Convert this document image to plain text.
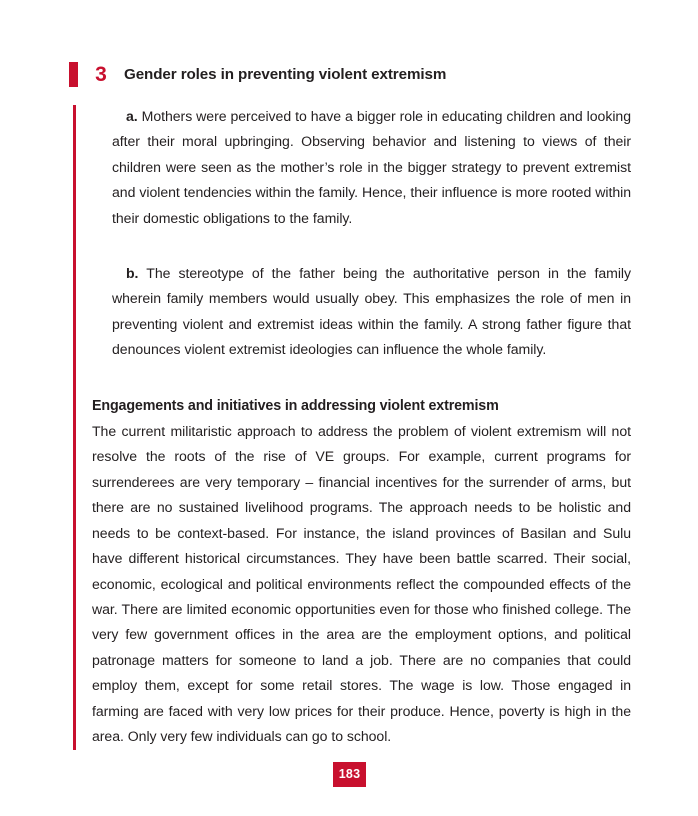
3	Gender roles in preventing violent extremism

a. Mothers were perceived to have a bigger role in educating children and looking after their moral upbringing. Observing behavior and listening to views of their children were seen as the mother’s role in the bigger strategy to prevent extremist and violent tendencies within the family. Hence, their influence is more rooted within their domestic obligations to the family.

b. The stereotype of the father being the authoritative person in the family wherein family members would usually obey. This emphasizes the role of men in preventing violent and extremist ideas within the family. A strong father figure that denounces violent extremist ideologies can influence the whole family.

Engagements and initiatives in addressing violent extremism

The current militaristic approach to address the problem of violent extremism will not resolve the roots of the rise of VE groups. For example, current programs for surrenderees are very temporary – financial incentives for the surrender of arms, but there are no sustained livelihood programs. The approach needs to be holistic and needs to be context-based. For instance, the island provinces of Basilan and Sulu have different historical circumstances. They have been battle scarred. Their social, economic, ecological and political environments reflect the compounded effects of the war. There are limited economic opportunities even for those who finished college. The very few government offices in the area are the employment options, and political patronage matters for someone to land a job. There are no companies that could employ them, except for some retail stores. The wage is low. Those engaged in farming are faced with very low prices for their produce. Hence, poverty is high in the area. Only very few individuals can go to school.

183
